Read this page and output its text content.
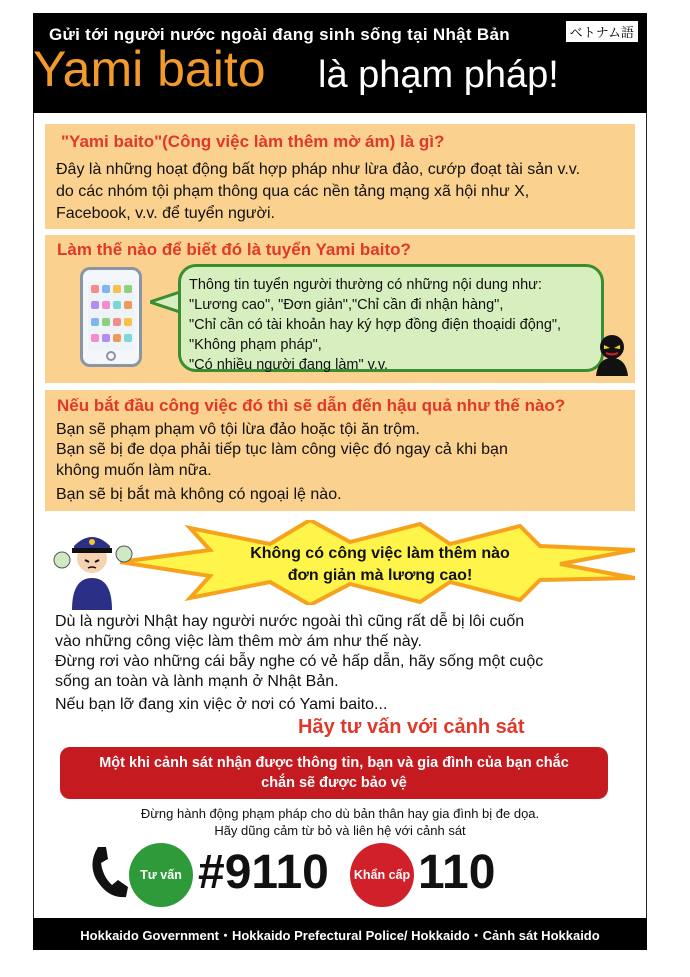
Gửi tới người nước ngoài đang sinh sống tại Nhật Bản	ベトナム語
Yami baito là phạm pháp!
"Yami baito"(Công việc làm thêm mờ ám) là gì?

Đây là những hoạt động bất hợp pháp như lừa đảo, cướp đoạt tài sản v.v.

do các nhóm tội phạm thông qua các nền tảng mạng xã hội như X,

Facebook, v.v. để tuyển người.

Làm thế nào để biết đó là tuyển Yami baito?
Thông tin tuyển người thường có những nội dung như:
"Lương cao", "Đơn giản","Chỉ cần đi nhận hàng",
"Chỉ cần có tài khoản hay ký hợp đồng điện thoạidi động",
"Không phạm pháp",
"Có nhiều người đang làm" v.v.
Nếu bắt đầu công việc đó thì sẽ dẫn đến hậu quả như thế nào?

Bạn sẽ phạm phạm vô tội lừa đảo hoặc tội ăn trộm.

Bạn sẽ bị đe dọa phải tiếp tục làm công việc đó ngay cả khi bạn

không muốn làm nữa.

Bạn sẽ bị bắt mà không có ngoại lệ nào.

Không có công việc làm thêm nào
đơn giản mà lương cao!
Dù là người Nhật hay người nước ngoài thì cũng rất dễ bị lôi cuốn
vào những công việc làm thêm mờ ám như thế này.
Đừng rơi vào những cái bẫy nghe có vẻ hấp dẫn, hãy sống một cuộc
sống an toàn và lành mạnh ở Nhật Bản.
Nếu bạn lỡ đang xin việc ở nơi có Yami baito...
Hãy tư vấn với cảnh sát
Một khi cảnh sát nhận được thông tin, bạn và gia đình của bạn chắc
chắn sẽ được bảo vệ
Đừng hành động phạm pháp cho dù bản thân hay gia đình bị đe dọa.
Hãy dũng cảm từ bỏ và liên hệ với cảnh sát
Tư vấn #9110	Khẩn cấp 110
Hokkaido Government・Hokkaido Prefectural Police/ Hokkaido・Cảnh sát Hokkaido
